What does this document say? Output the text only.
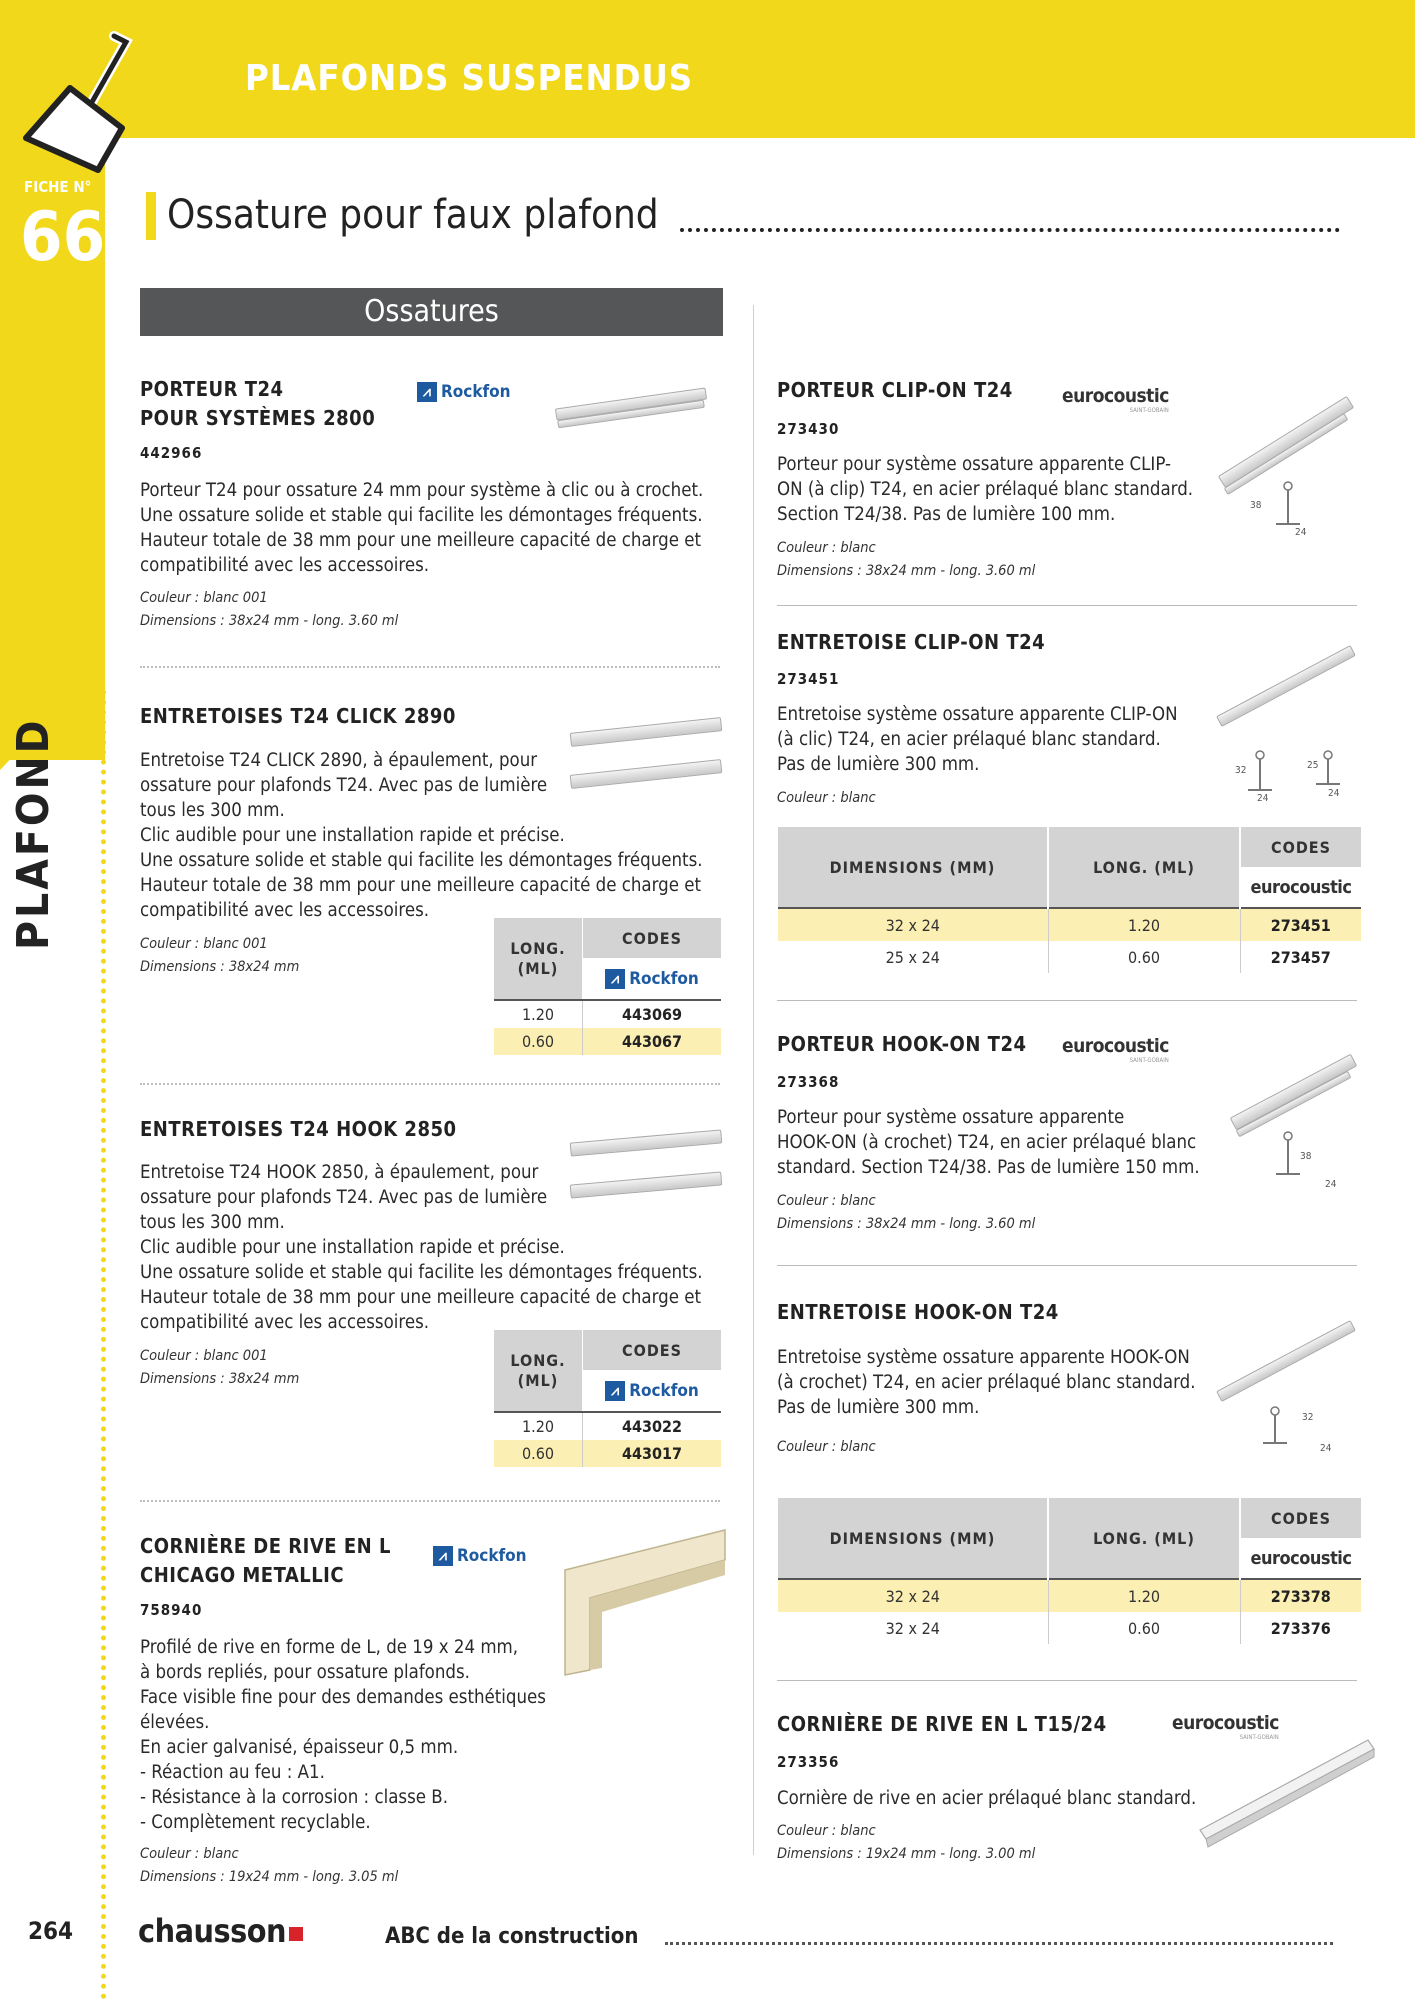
PLAFONDS SUSPENDUS
FICHE N°
66
PLAFOND
Ossature pour faux plafond
Ossatures
PORTEUR T24
POUR SYSTÈMES 2800
442966
⩘ Rockfon
Porteur T24 pour ossature 24 mm pour système à clic ou à crochet.
Une ossature solide et stable qui facilite les démontages fréquents.
Hauteur totale de 38 mm pour une meilleure capacité de charge et
compatibilité avec les accessoires.
Couleur : blanc 001
Dimensions : 38x24 mm - long. 3.60 ml
ENTRETOISES T24 CLICK 2890
Entretoise T24 CLICK 2890, à épaulement, pour
ossature pour plafonds T24. Avec pas de lumière
tous les 300 mm.
Clic audible pour une installation rapide et précise.
Une ossature solide et stable qui facilite les démontages fréquents.
Hauteur totale de 38 mm pour une meilleure capacité de charge et
compatibilité avec les accessoires.
Couleur : blanc 001
Dimensions : 38x24 mm
LONG.
(ML)	CODES

	⩘ Rockfon

1.20	443069
0.60	443067
ENTRETOISES T24 HOOK 2850
Entretoise T24 HOOK 2850, à épaulement, pour
ossature pour plafonds T24. Avec pas de lumière
tous les 300 mm.
Clic audible pour une installation rapide et précise.
Une ossature solide et stable qui facilite les démontages fréquents.
Hauteur totale de 38 mm pour une meilleure capacité de charge et
compatibilité avec les accessoires.
Couleur : blanc 001
Dimensions : 38x24 mm
LONG.
(ML)	CODES

	⩘ Rockfon

1.20	443022
0.60	443017
CORNIÈRE DE RIVE EN L
CHICAGO METALLIC
758940
⩘ Rockfon
Profilé de rive en forme de L, de 19 x 24 mm,
à bords repliés, pour ossature plafonds.
Face visible fine pour des demandes esthétiques
élevées.
En acier galvanisé, épaisseur 0,5 mm.
- Réaction au feu : A1.
- Résistance à la corrosion : classe B.
- Complètement recyclable.
Couleur : blanc
Dimensions : 19x24 mm - long. 3.05 ml
PORTEUR CLIP-ON T24	eurocoustic
SAINT-GOBAIN
273430
Porteur pour système ossature apparente CLIP-
ON (à clip) T24, en acier prélaqué blanc standard.
Section T24/38. Pas de lumière 100 mm.
Couleur : blanc
Dimensions : 38x24 mm - long. 3.60 ml
38
24
ENTRETOISE CLIP-ON T24
273451
Entretoise système ossature apparente CLIP-ON
(à clic) T24, en acier prélaqué blanc standard.
Pas de lumière 300 mm.
Couleur : blanc
32
24
25
24
DIMENSIONS (MM)	LONG. (ML)	CODES
		eurocoustic
32 x 24	1.20	273451
25 x 24	0.60	273457
PORTEUR HOOK-ON T24 eurocoustic
SAINT-GOBAIN
273368
Porteur pour système ossature apparente
HOOK-ON (à crochet) T24, en acier prélaqué blanc
standard. Section T24/38. Pas de lumière 150 mm.
Couleur : blanc
Dimensions : 38x24 mm - long. 3.60 ml
38
24
ENTRETOISE HOOK-ON T24
Entretoise système ossature apparente HOOK-ON
(à crochet) T24, en acier prélaqué blanc standard.
Pas de lumière 300 mm.
Couleur : blanc
32
24
DIMENSIONS (MM)	LONG. (ML)	CODES
		eurocoustic
32 x 24	1.20	273378
32 x 24	0.60	273376
CORNIÈRE DE RIVE EN L T15/24	eurocoustic
SAINT-GOBAIN
273356
Cornière de rive en acier prélaqué blanc standard.
Couleur : blanc
Dimensions : 19x24 mm - long. 3.00 ml
264 chausson	ABC de la construction
